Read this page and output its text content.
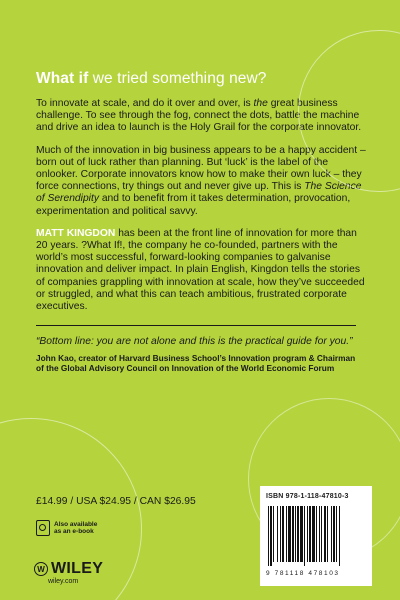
What if we tried something new?

To innovate at scale, and do it over and over, is the great business challenge. To see through the fog, connect the dots, battle the machine and drive an idea to launch is the Holy Grail for the corporate innovator.

Much of the innovation in big business appears to be a happy accident – born out of luck rather than planning. But ‘luck’ is the label of the onlooker. Corporate innovators know how to make their own luck – they force connections, try things out and never give up. This is The Science of Serendipity and to benefit from it takes determination, provocation, experimentation and political savvy.

MATT KINGDON has been at the front line of innovation for more than 20 years. ?What If!, the company he co-founded, partners with the world’s most successful, forward-looking companies to galvanise innovation and deliver impact. In plain English, Kingdon tells the stories of companies grappling with innovation at scale, how they’ve succeeded or struggled, and what this can teach ambitious, frustrated corporate executives.

“Bottom line: you are not alone and this is the practical guide for you.”

John Kao, creator of Harvard Business School’s Innovation program & Chairman of the Global Advisory Council on Innovation of the World Economic Forum

£14.99 / USA $24.95 / CAN $26.95
Also available
as an e-book
W WILEY
wiley.com
ISBN 978-1-118-47810-3
9 781118 478103
